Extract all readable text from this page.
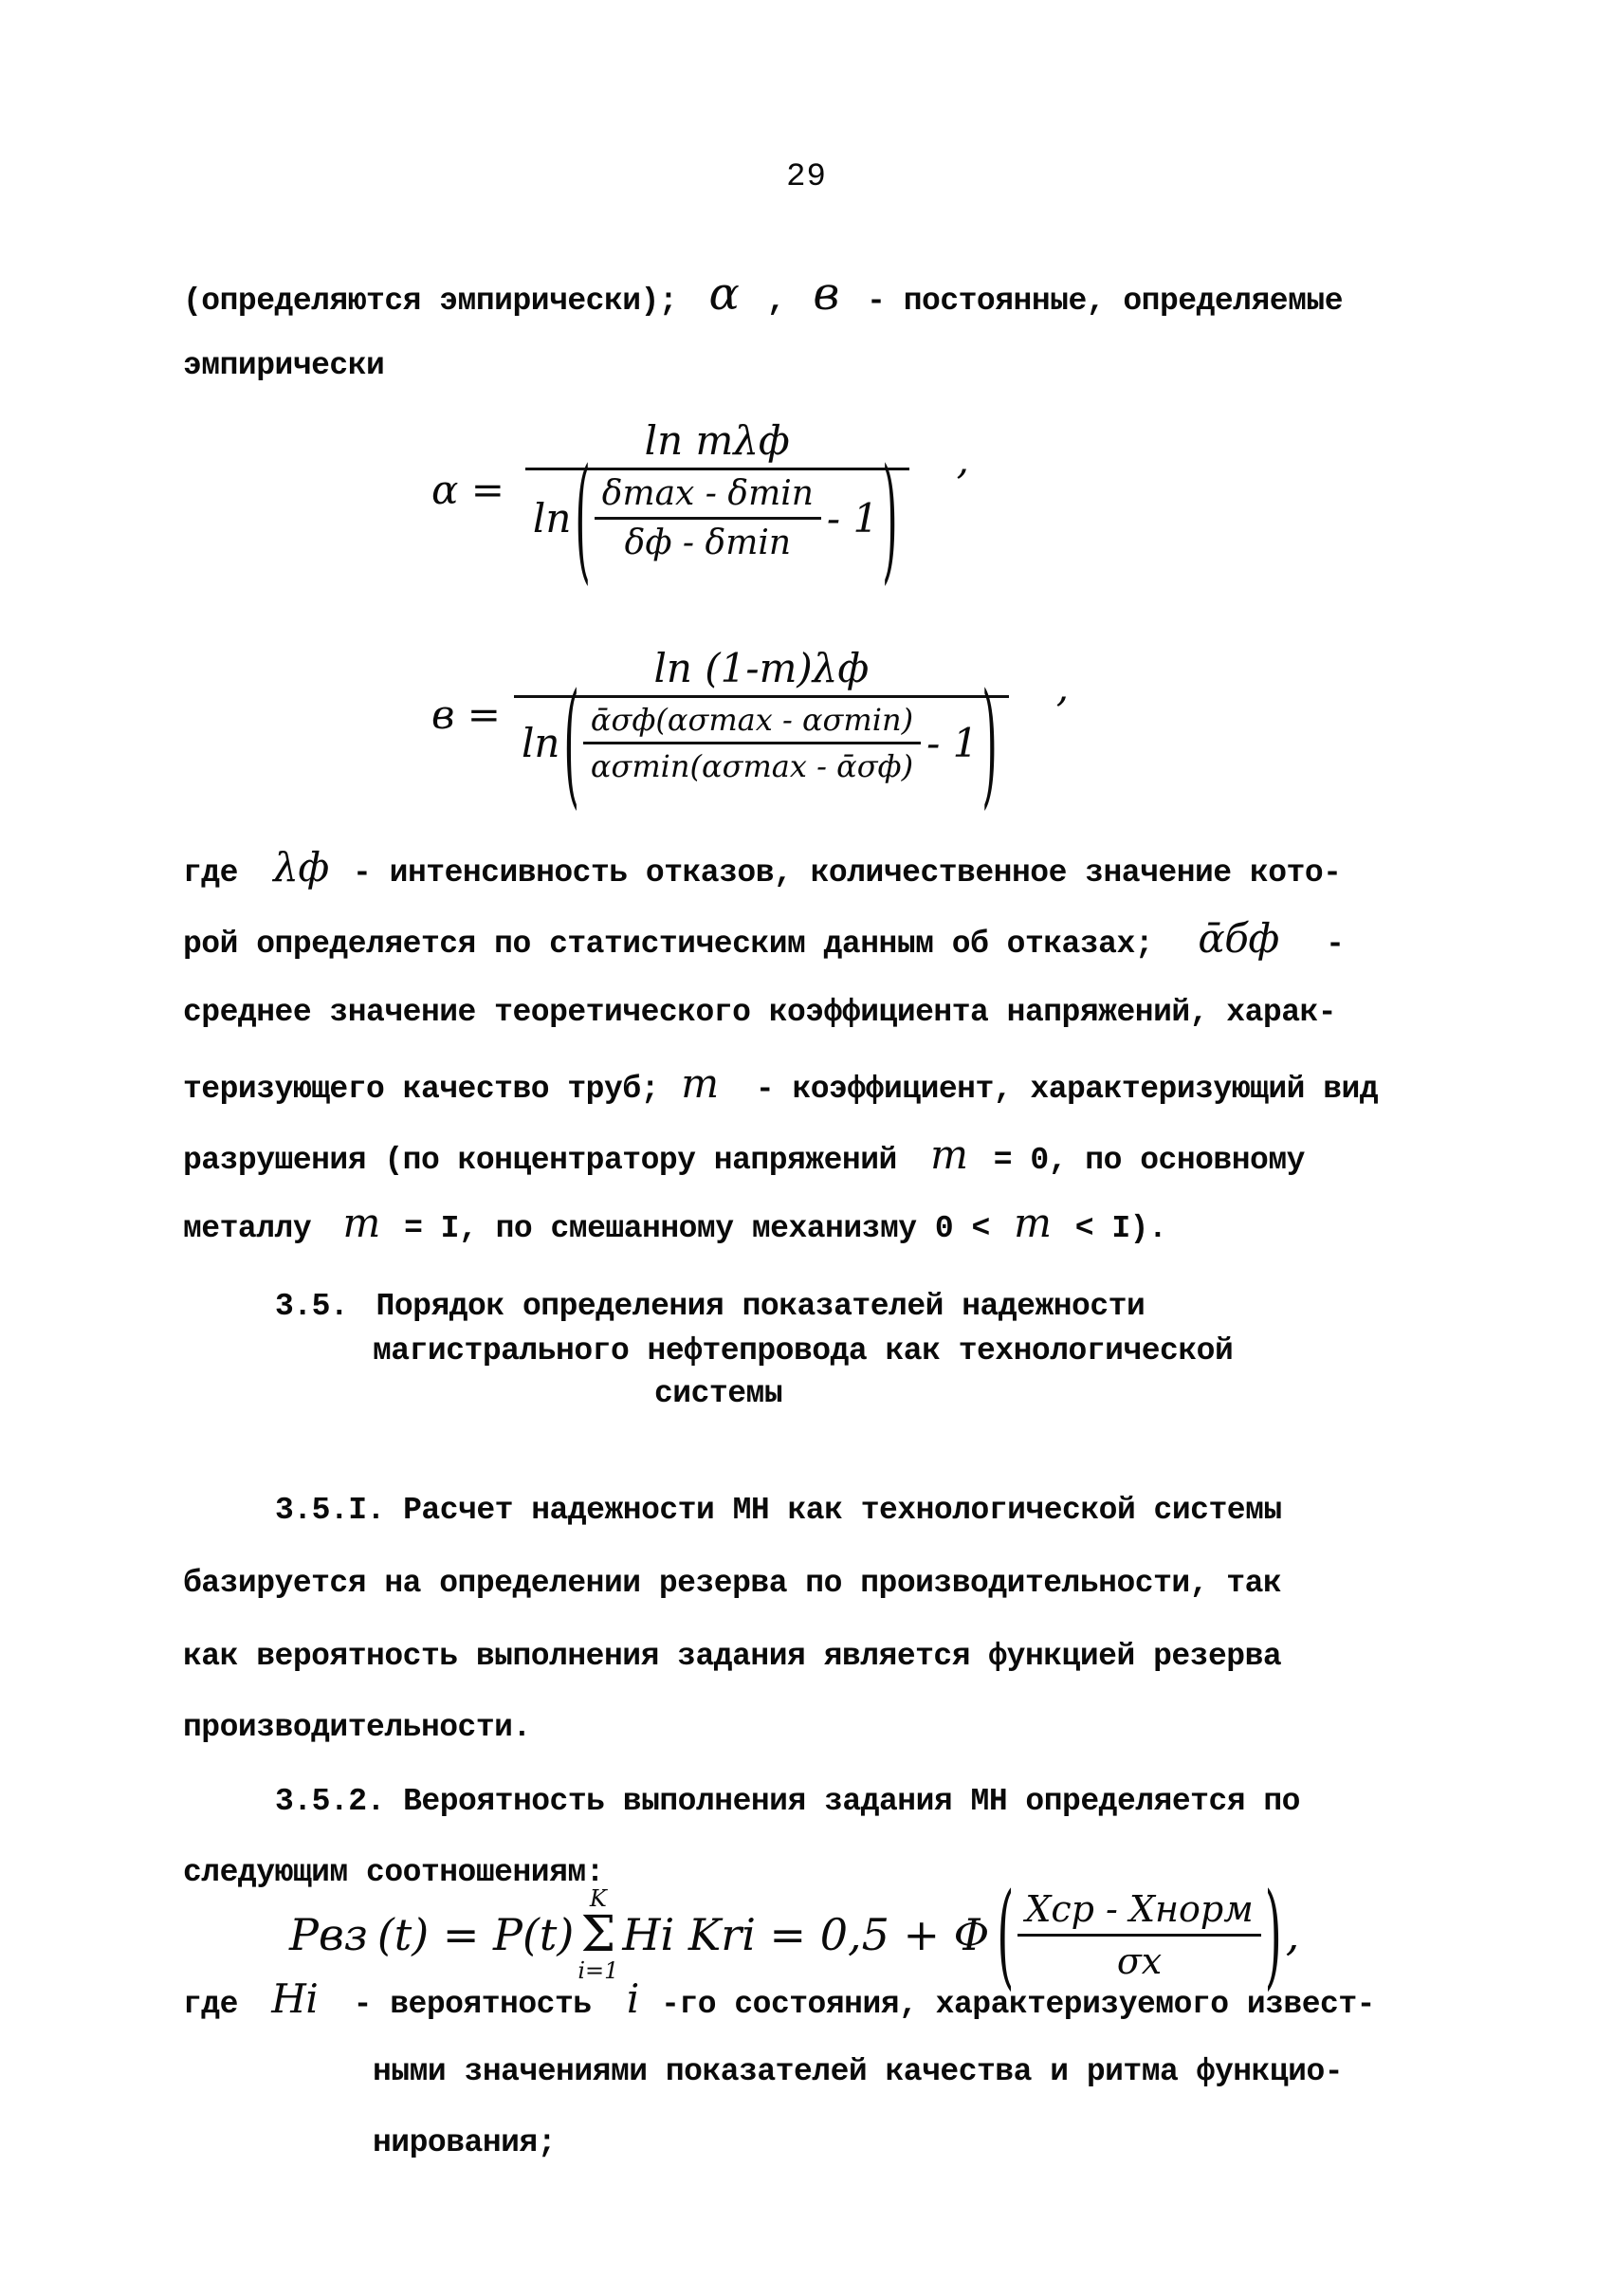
29
(определяются эмпирически); α , в - постоянные, определяемые
эмпирически
α =
ln mλф
ln ( $\frac{\delta\max - \delta\min}{\delta ф - \delta\min} - 1$ ) ,
в =
ln (1-m)λф
ln ( $\frac{\text{ᾱσф(ασmax - ασmin)}}{\text{ασmin(ασmax - ᾱσф)}} - 1$ ) ,
где λф - интенсивность отказов, количественное значение кото-
рой определяется по статистическим данным об отказах; ᾱбф -
среднее значение теоретического коэффициента напряжений, харак-
теризующего качество труб; m - коэффициент, характеризующий вид
разрушения (по концентратору напряжений m = 0, по основному
металлу m = I, по смешанному механизму 0 < m < I).
3.5. Порядок определения показателей надежности
магистрального нефтепровода как технологической
системы
3.5.I. Расчет надежности МН как технологической системы
базируется на определении резерва по производительности, так
как вероятность выполнения задания является функцией резерва
производительности.
3.5.2. Вероятность выполнения задания МН определяется по
следующим соотношениям:
Pвз (t) = P(t)
K
Σ
i=1
Hi Kri = 0,5 + Φ ( $\frac{\text{Xср - Xнорм}}{\sigma x}$ ) ,
где Hi - вероятность i -го состояния, характеризуемого извест-
ными значениями показателей качества и ритма функцио-
нирования;
